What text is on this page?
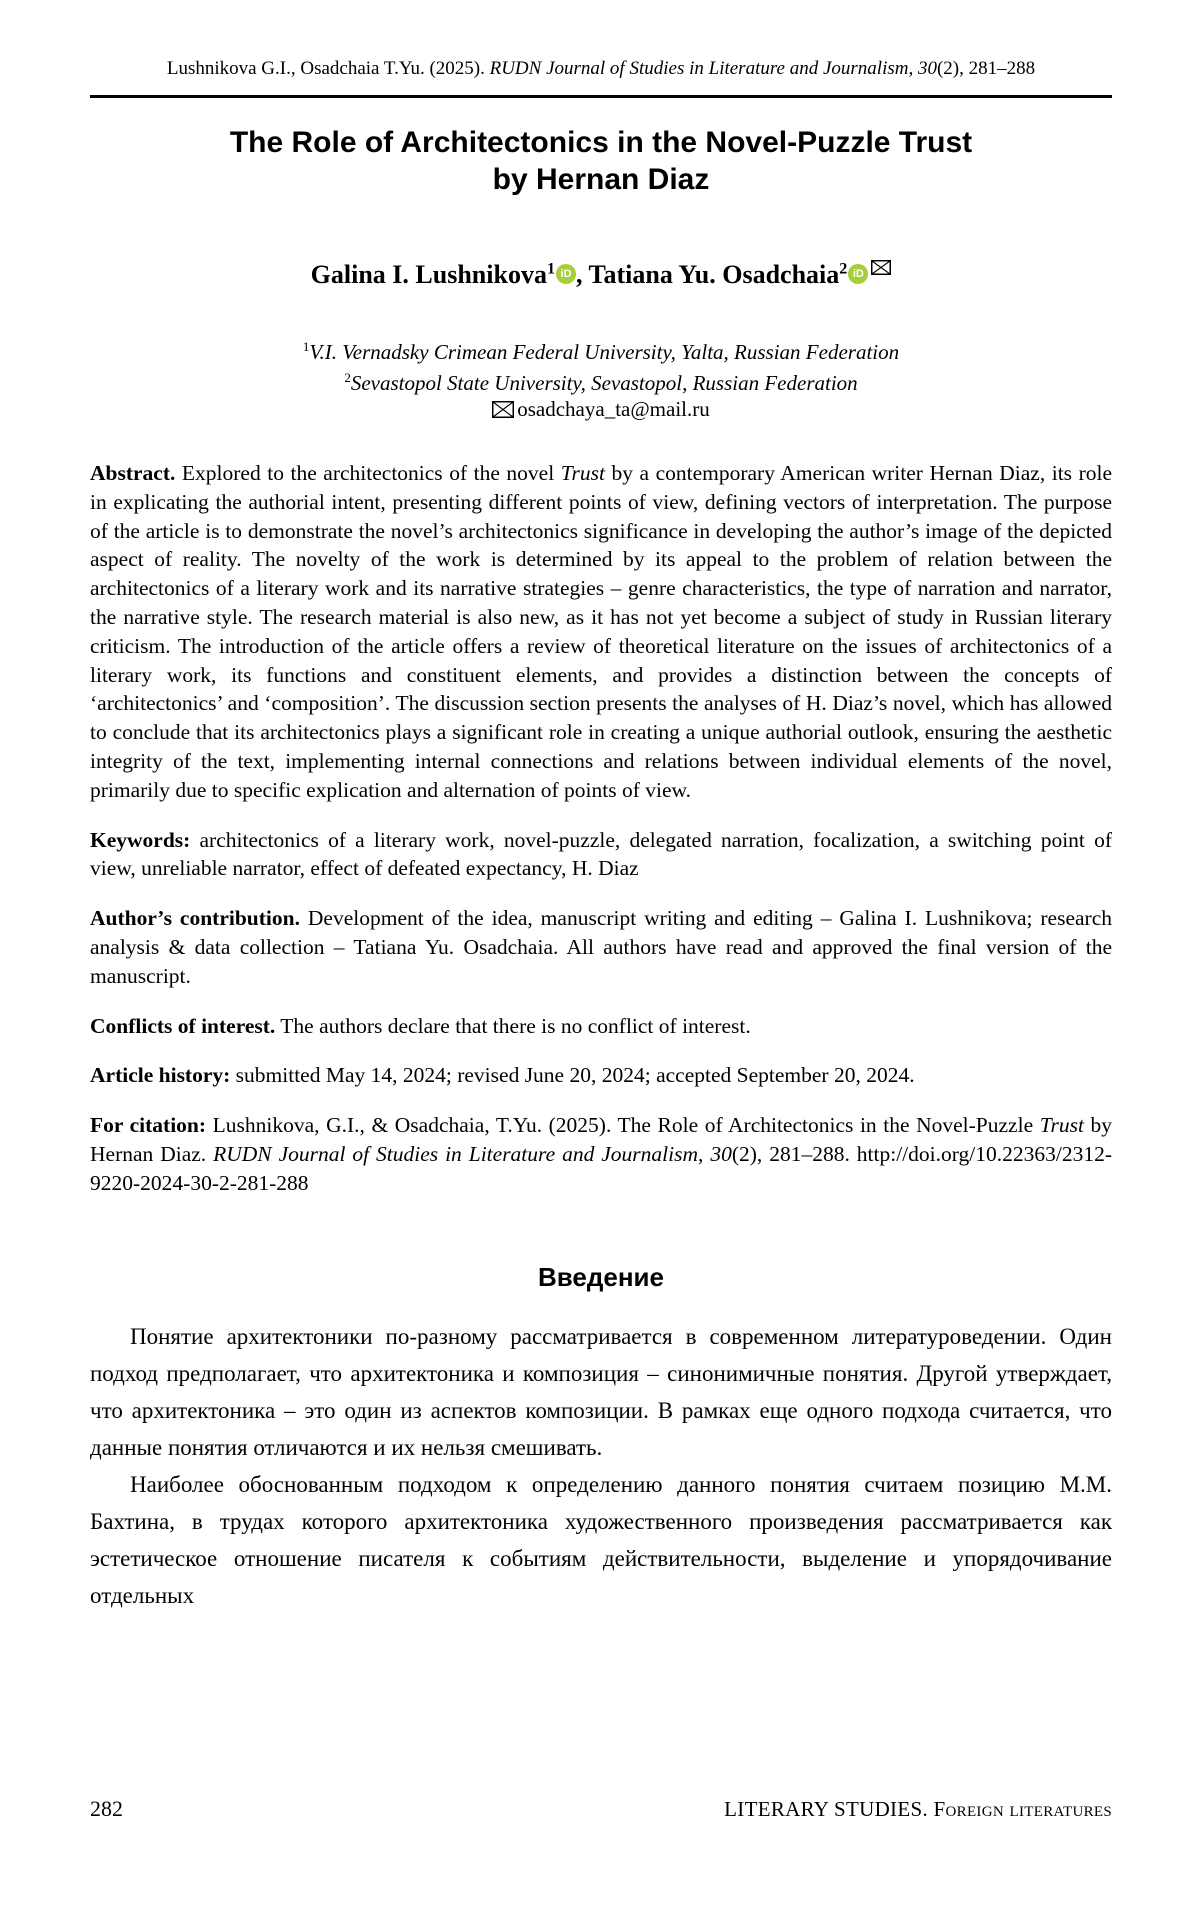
Lushnikova G.I., Osadchaia T.Yu. (2025). RUDN Journal of Studies in Literature and Journalism, 30(2), 281–288
The Role of Architectonics in the Novel-Puzzle Trust
by Hernan Diaz
Galina I. Lushnikova$^1$ iD , Tatiana Yu. Osadchaia$^2$ iD
$^1$V.I. Vernadsky Crimean Federal University, Yalta, Russian Federation
$^2$Sevastopol State University, Sevastopol, Russian Federation
osadchaya_ta@mail.ru

Abstract. Explored to the architectonics of the novel Trust by a contemporary American writer Hernan Diaz, its role in explicating the authorial intent, presenting different points of view, defining vectors of interpretation. The purpose of the article is to demonstrate the novel’s architectonics significance in developing the author’s image of the depicted aspect of reality. The novelty of the work is determined by its appeal to the problem of relation between the architectonics of a literary work and its narrative strategies – genre characteristics, the type of narration and narrator, the narrative style. The research material is also new, as it has not yet become a subject of study in Russian literary criticism. The introduction of the article offers a review of theoretical literature on the issues of architectonics of a literary work, its functions and constituent elements, and provides a distinction between the concepts of ‘architectonics’ and ‘composition’. The discussion section presents the analyses of H. Diaz’s novel, which has allowed to conclude that its architectonics plays a significant role in creating a unique authorial outlook, ensuring the aesthetic integrity of the text, implementing internal connections and relations between individual elements of the novel, primarily due to specific explication and alternation of points of view.

Keywords: architectonics of a literary work, novel-puzzle, delegated narration, focalization, a switching point of view, unreliable narrator, effect of defeated expectancy, H. Diaz

Author’s contribution. Development of the idea, manuscript writing and editing – Galina I. Lushnikova; research analysis & data collection – Tatiana Yu. Osadchaia. All authors have read and approved the final version of the manuscript.

Conflicts of interest. The authors declare that there is no conflict of interest.

Article history: submitted May 14, 2024; revised June 20, 2024; accepted September 20, 2024.

For citation: Lushnikova, G.I., & Osadchaia, T.Yu. (2025). The Role of Architectonics in the Novel-Puzzle Trust by Hernan Diaz. RUDN Journal of Studies in Literature and Journalism, 30(2), 281–288. http://doi.org/10.22363/2312-9220-2024-30-2-281-288

Введение

Понятие архитектоники по-разному рассматривается в современном литературоведении. Один подход предполагает, что архитектоника и композиция – синонимичные понятия. Другой утверждает, что архитектоника – это один из аспектов композиции. В рамках еще одного подхода считается, что данные понятия отличаются и их нельзя смешивать.

Наиболее обоснованным подходом к определению данного понятия считаем позицию М.М. Бахтина, в трудах которого архитектоника художественного произведения рассматривается как эстетическое отношение писателя к событиям действительности, выделение и упорядочивание отдельных

282	LITERARY STUDIES. Foreign literatures
